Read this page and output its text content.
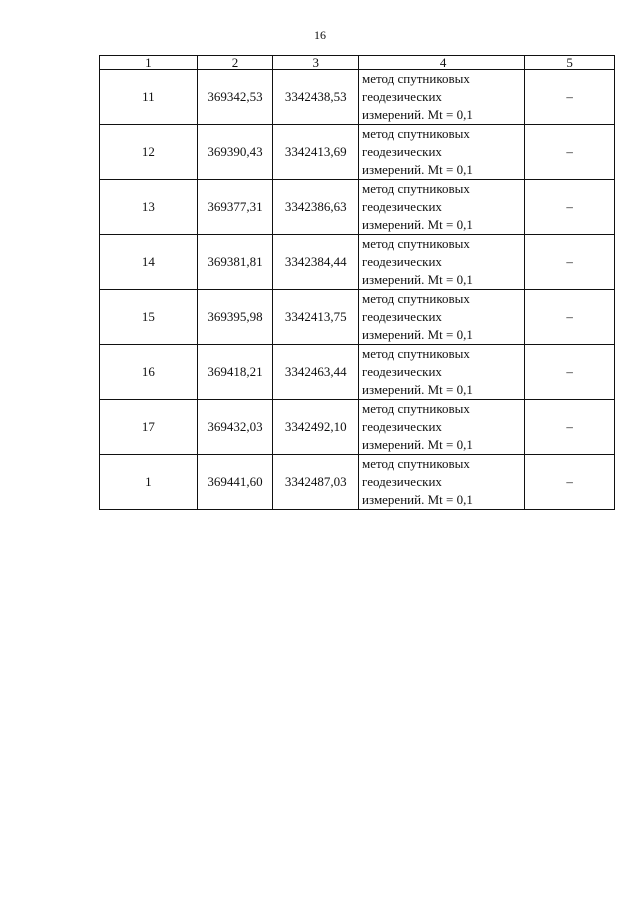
16
1	2	3	4	5
11	369342,53	3342438,53	метод спутниковых
геодезических
измерений. Mt = 0,1	–
12	369390,43	3342413,69	метод спутниковых
геодезических
измерений. Mt = 0,1	–
13	369377,31	3342386,63	метод спутниковых
геодезических
измерений. Mt = 0,1	–
14	369381,81	3342384,44	метод спутниковых
геодезических
измерений. Mt = 0,1	–
15	369395,98	3342413,75	метод спутниковых
геодезических
измерений. Mt = 0,1	–
16	369418,21	3342463,44	метод спутниковых
геодезических
измерений. Mt = 0,1	–
17	369432,03	3342492,10	метод спутниковых
геодезических
измерений. Mt = 0,1	–
1	369441,60	3342487,03	метод спутниковых
геодезических
измерений. Mt = 0,1	–
